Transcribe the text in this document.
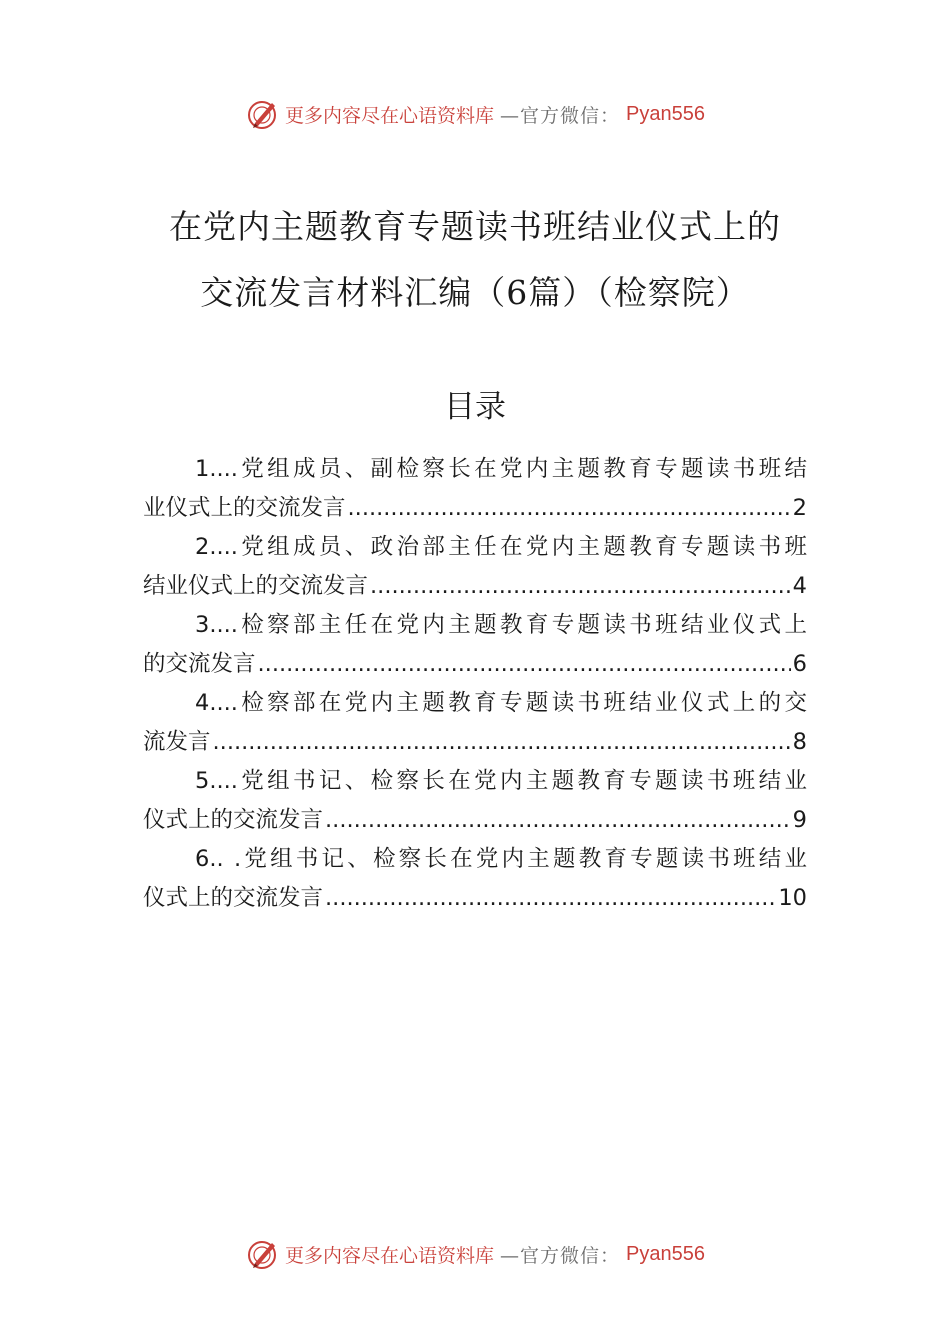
更多内容尽在心语资料库 —官方微信： Pyan556
在党内主题教育专题读书班结业仪式上的
交流发言材料汇编（6篇）（检察院）
目录
1....党组成员、副检察长在党内主题教育专题读书班结
业仪式上的交流发言 .....	2
2....党组成员、政治部主任在党内主题教育专题读书班
结业仪式上的交流发言 .....	4
3....检察部主任在党内主题教育专题读书班结业仪式上
的交流发言 .....	6
4....检察部在党内主题教育专题读书班结业仪式上的交
流发言 .....	8
5....党组书记、检察长在党内主题教育专题读书班结业
仪式上的交流发言 .....	9
6.. .党组书记、检察长在党内主题教育专题读书班结业
仪式上的交流发言 .....	10
更多内容尽在心语资料库 —官方微信： Pyan556
